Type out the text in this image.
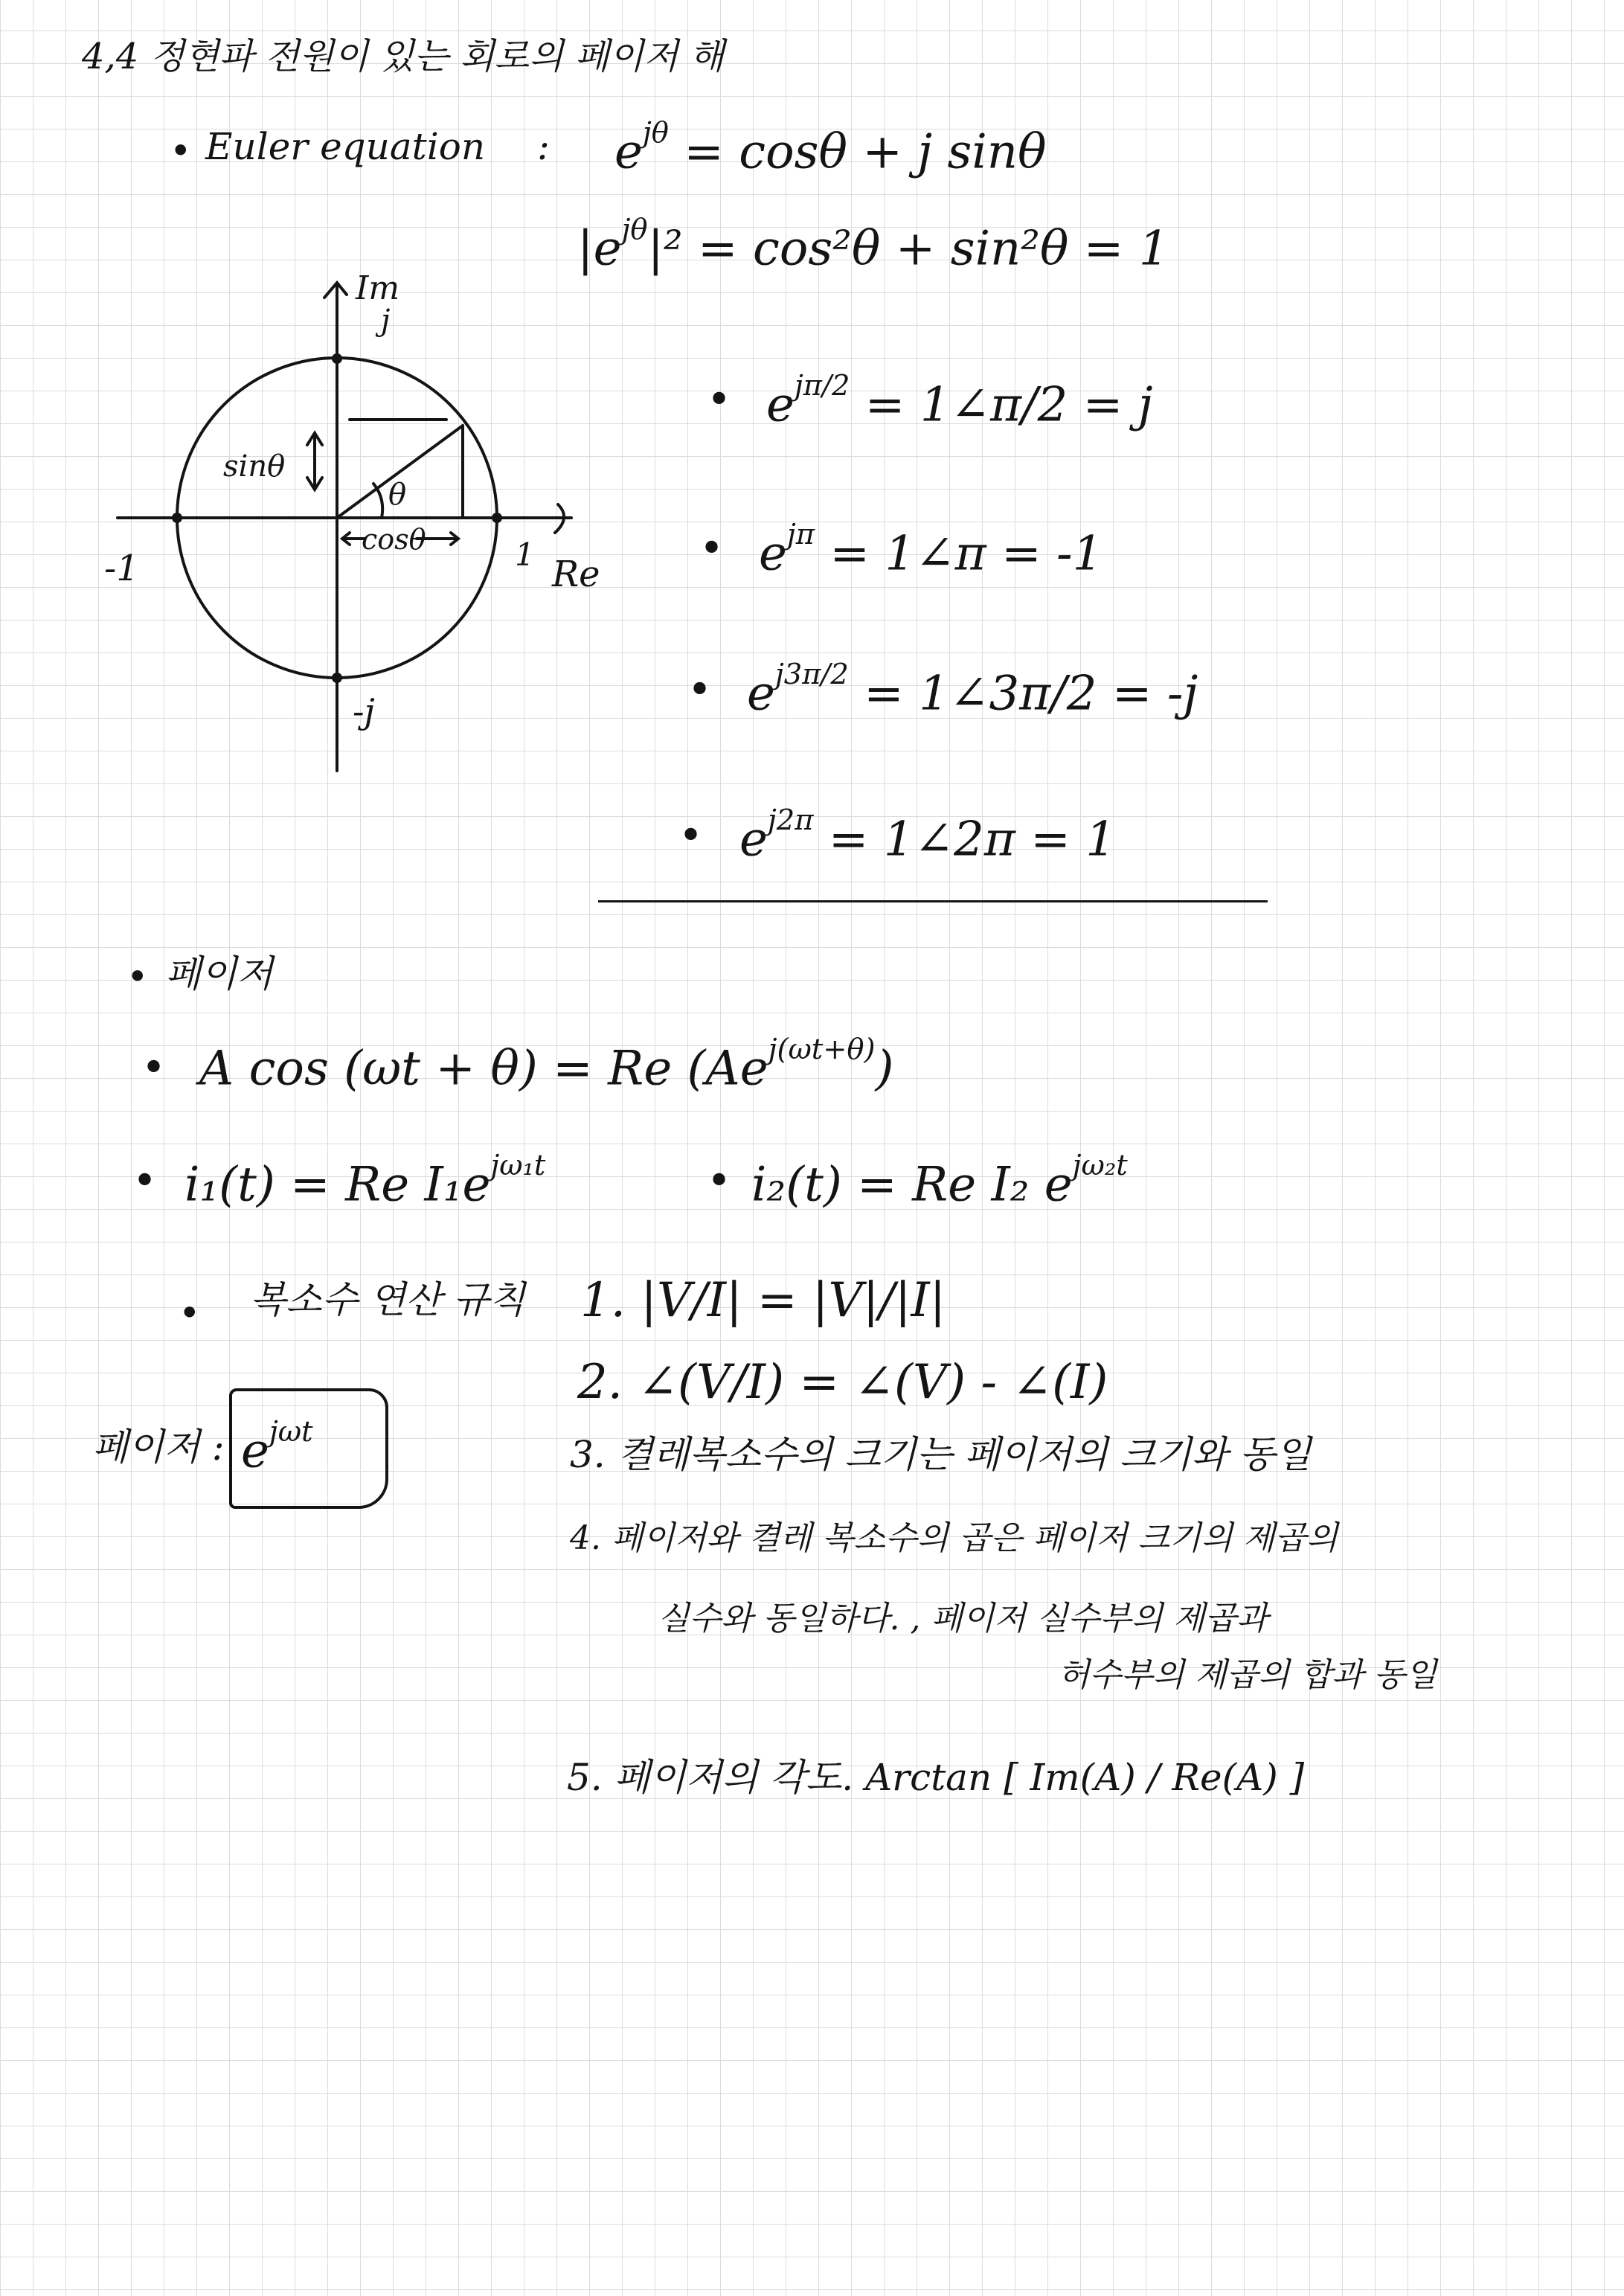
4,4 정현파 전원이 있는 회로의 페이저 해
• Euler equation : $e^{j\theta} = \cos\theta + j$ sinθ
$|e^{j\theta}|^2 = \cos^2\theta + \sin^2\theta = 1$
Im
j
Re
sinθ
cosθ
θ
1
-1
-j
• $e^{j\pi/2}$ = 1∠π/2 = j
• $e^{j\pi}$ = 1∠π = -1
• $e^{j3\pi/2}$ = 1∠3π/2 = -j
• $e^{j2\pi}$ = 1∠2π = 1
• 페이저
• A cos (ωt + θ) = Re $(Ae^{j(\omega t+\theta)})$
• i₁(t) = Re $I_1e^{j\omega_1t}$	• i₂(t) = Re I₂ $e^{j\omega_2t}$
• 복소수 연산 규칙 1. |V/I| = |V|/|I|
2. ∠(V/I) = ∠(V) - ∠(I)
3. 켤레복소수의 크기는 페이저의 크기와 동일
4. 페이저와 켤레 복소수의 곱은 페이저 크기의 제곱의
실수와 동일하다. , 페이저 실수부의 제곱과
허수부의 제곱의 합과 동일
5. 페이저의 각도. Arctan [ Im(A) / Re(A) ]
페이저 : $e^{j\omega t}$
